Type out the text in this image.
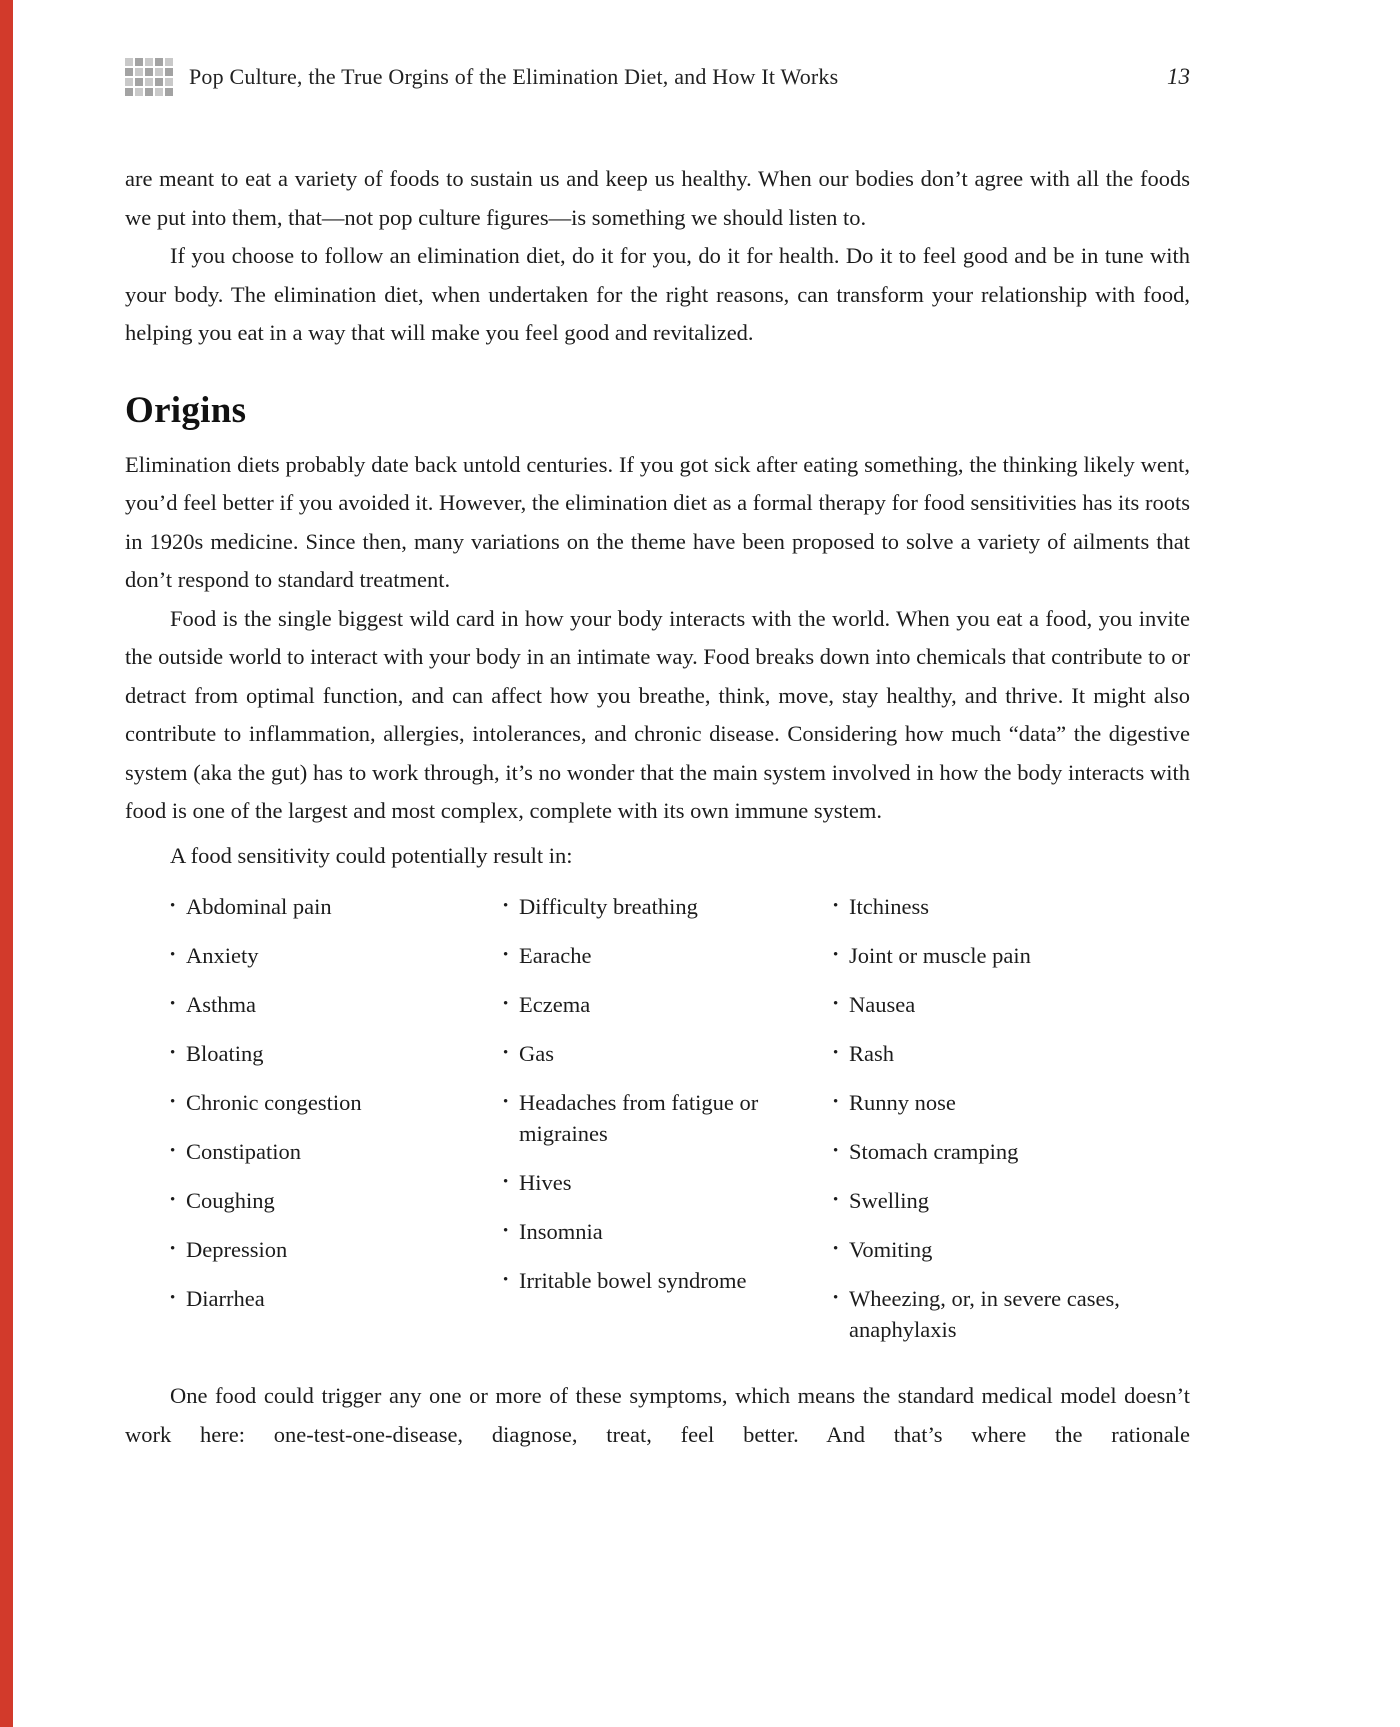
Pop Culture, the True Orgins of the Elimination Diet, and How It Works	13

are meant to eat a variety of foods to sustain us and keep us healthy. When our bodies don’t agree with all the foods we put into them, that—not pop culture figures—is something we should listen to.

If you choose to follow an elimination diet, do it for you, do it for health. Do it to feel good and be in tune with your body. The elimination diet, when undertaken for the right reasons, can transform your relationship with food, helping you eat in a way that will make you feel good and revitalized.

Origins

Elimination diets probably date back untold centuries. If you got sick after eating something, the thinking likely went, you’d feel better if you avoided it. However, the elimination diet as a formal therapy for food sensitivities has its roots in 1920s medicine. Since then, many variations on the theme have been proposed to solve a variety of ailments that don’t respond to standard treatment.

Food is the single biggest wild card in how your body interacts with the world. When you eat a food, you invite the outside world to interact with your body in an intimate way. Food breaks down into chemicals that contribute to or detract from optimal function, and can affect how you breathe, think, move, stay healthy, and thrive. It might also contribute to inflammation, allergies, intolerances, and chronic disease. Considering how much “data” the digestive system (aka the gut) has to work through, it’s no wonder that the main system involved in how the body interacts with food is one of the largest and most complex, complete with its own immune system.

A food sensitivity could potentially result in:

• Abdominal pain
• Anxiety
• Asthma
• Bloating
• Chronic congestion
• Constipation
• Coughing
• Depression
• Diarrhea
• Difficulty breathing
• Earache
• Eczema
• Gas
• Headaches from fatigue or migraines
• Hives
• Insomnia
• Irritable bowel syndrome
• Itchiness
• Joint or muscle pain
• Nausea
• Rash
• Runny nose
• Stomach cramping
• Swelling
• Vomiting
• Wheezing, or, in severe cases, anaphylaxis

One food could trigger any one or more of these symptoms, which means the standard medical model doesn’t work here: one-test-one-disease, diagnose, treat, feel better. And that’s where the rationale
